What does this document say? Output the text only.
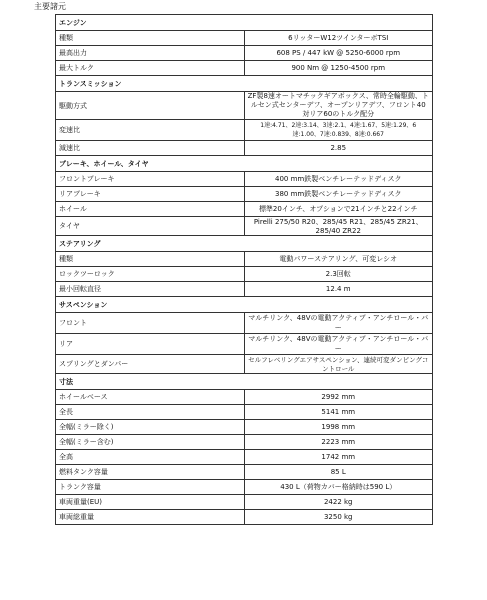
主要諸元
エンジン	
種類	6リッターW12ツインターボTSI
最高出力	608 PS / 447 kW @ 5250-6000 rpm
最大トルク	900 Nm @ 1250-4500 rpm
トランスミッション	
駆動方式	ZF製8速オートマチックギアボックス、常時全輪駆動、トルセン式センターデフ、オープンリアデフ、フロント40対リア60のトルク配分

変速比	1速:4.71、2速:3.14、3速:2.1、4速:1.67、5速:1.29、6速:1.00、7速:0.839、8速:0.667

減速比	2.85
ブレーキ、ホイール、タイヤ	
フロントブレーキ	400 mm鉄製ベンチレーテッドディスク
リアブレーキ	380 mm鉄製ベンチレーテッドディスク
ホイール	標準20インチ、オプションで21インチと22インチ
タイヤ	Pirelli 275/50 R20、285/45 R21、285/45 ZR21、285/40 ZR22
ステアリング	
種類	電動パワーステアリング、可変レシオ
ロックツーロック	2.3回転
最小回転直径	12.4 m
サスペンション	
フロント	マルチリンク、48Vの電動アクティブ・アンチロール・バー
リア	マルチリンク、48Vの電動アクティブ・アンチロール・バー
スプリングとダンパー	セルフレベリングエアサスペンション、連続可変ダンピングコントロール
寸法	
ホイールベース	2992 mm
全長	5141 mm
全幅(ミラー除く)	1998 mm
全幅(ミラー含む)	2223 mm
全高	1742 mm
燃料タンク容量	85 L
トランク容量	430 L（荷物カバー格納時は590 L）
車両重量(EU)	2422 kg
車両総重量	3250 kg
